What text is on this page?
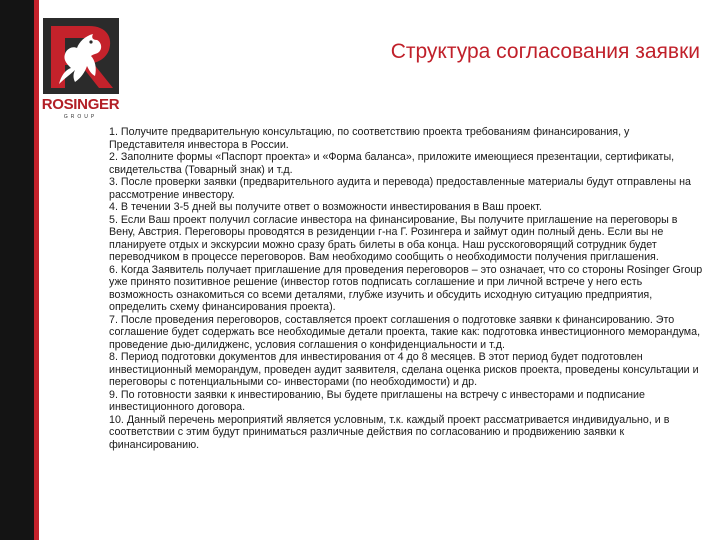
ROSINGER
GROUP
Структура согласования заявки

1. Получите предварительную консультацию, по соответствию проекта требованиям финансирования, у Представителя инвестора в России.

2. Заполните формы «Паспорт проекта» и «Форма баланса», приложите имеющиеся презентации, сертификаты, свидетельства (Товарный знак) и т.д.

3. После проверки заявки (предварительного аудита и перевода) предоставленные материалы будут отправлены на рассмотрение инвестору.

4. В течении 3-5 дней вы получите ответ о возможности инвестирования в Ваш проект.

5. Если Ваш проект получил согласие инвестора на финансирование, Вы получите приглашение на переговоры в Вену, Австрия. Переговоры проводятся в резиденции г-на Г. Розингера и займут один полный день. Если вы не планируете отдых и экскурсии можно сразу брать билеты в оба конца. Наш русскоговорящий сотрудник будет переводчиком в процессе переговоров. Вам необходимо сообщить о необходимости получения приглашения.

6. Когда Заявитель получает приглашение для проведения переговоров – это означает, что со стороны Rosinger Group уже принято позитивное решение (инвестор готов подписать соглашение и при личной встрече у него есть возможность ознакомиться со всеми деталями, глубже изучить и обсудить исходную ситуацию предприятия, определить схему финансирования проекта).

7. После проведения переговоров, составляется проект соглашения о подготовке заявки к финансированию. Это соглашение будет содержать все необходимые детали проекта, такие как: подготовка инвестиционного меморандума, проведение дью-дилидженс, условия соглашения о конфиденциальности и т.д.

8. Период подготовки документов для инвестирования от 4 до 8 месяцев. В этот период будет подготовлен инвестиционный меморандум, проведен аудит заявителя, сделана оценка рисков проекта, проведены консультации и переговоры с потенциальными со- инвесторами (по необходимости) и др.

9. По готовности заявки к инвестированию, Вы будете приглашены на встречу с инвесторами и подписание инвестиционного договора.

10. Данный перечень мероприятий является условным, т.к. каждый проект рассматривается индивидуально, и в соответствии с этим будут приниматься различные действия по согласованию и продвижению заявки к финансированию.
